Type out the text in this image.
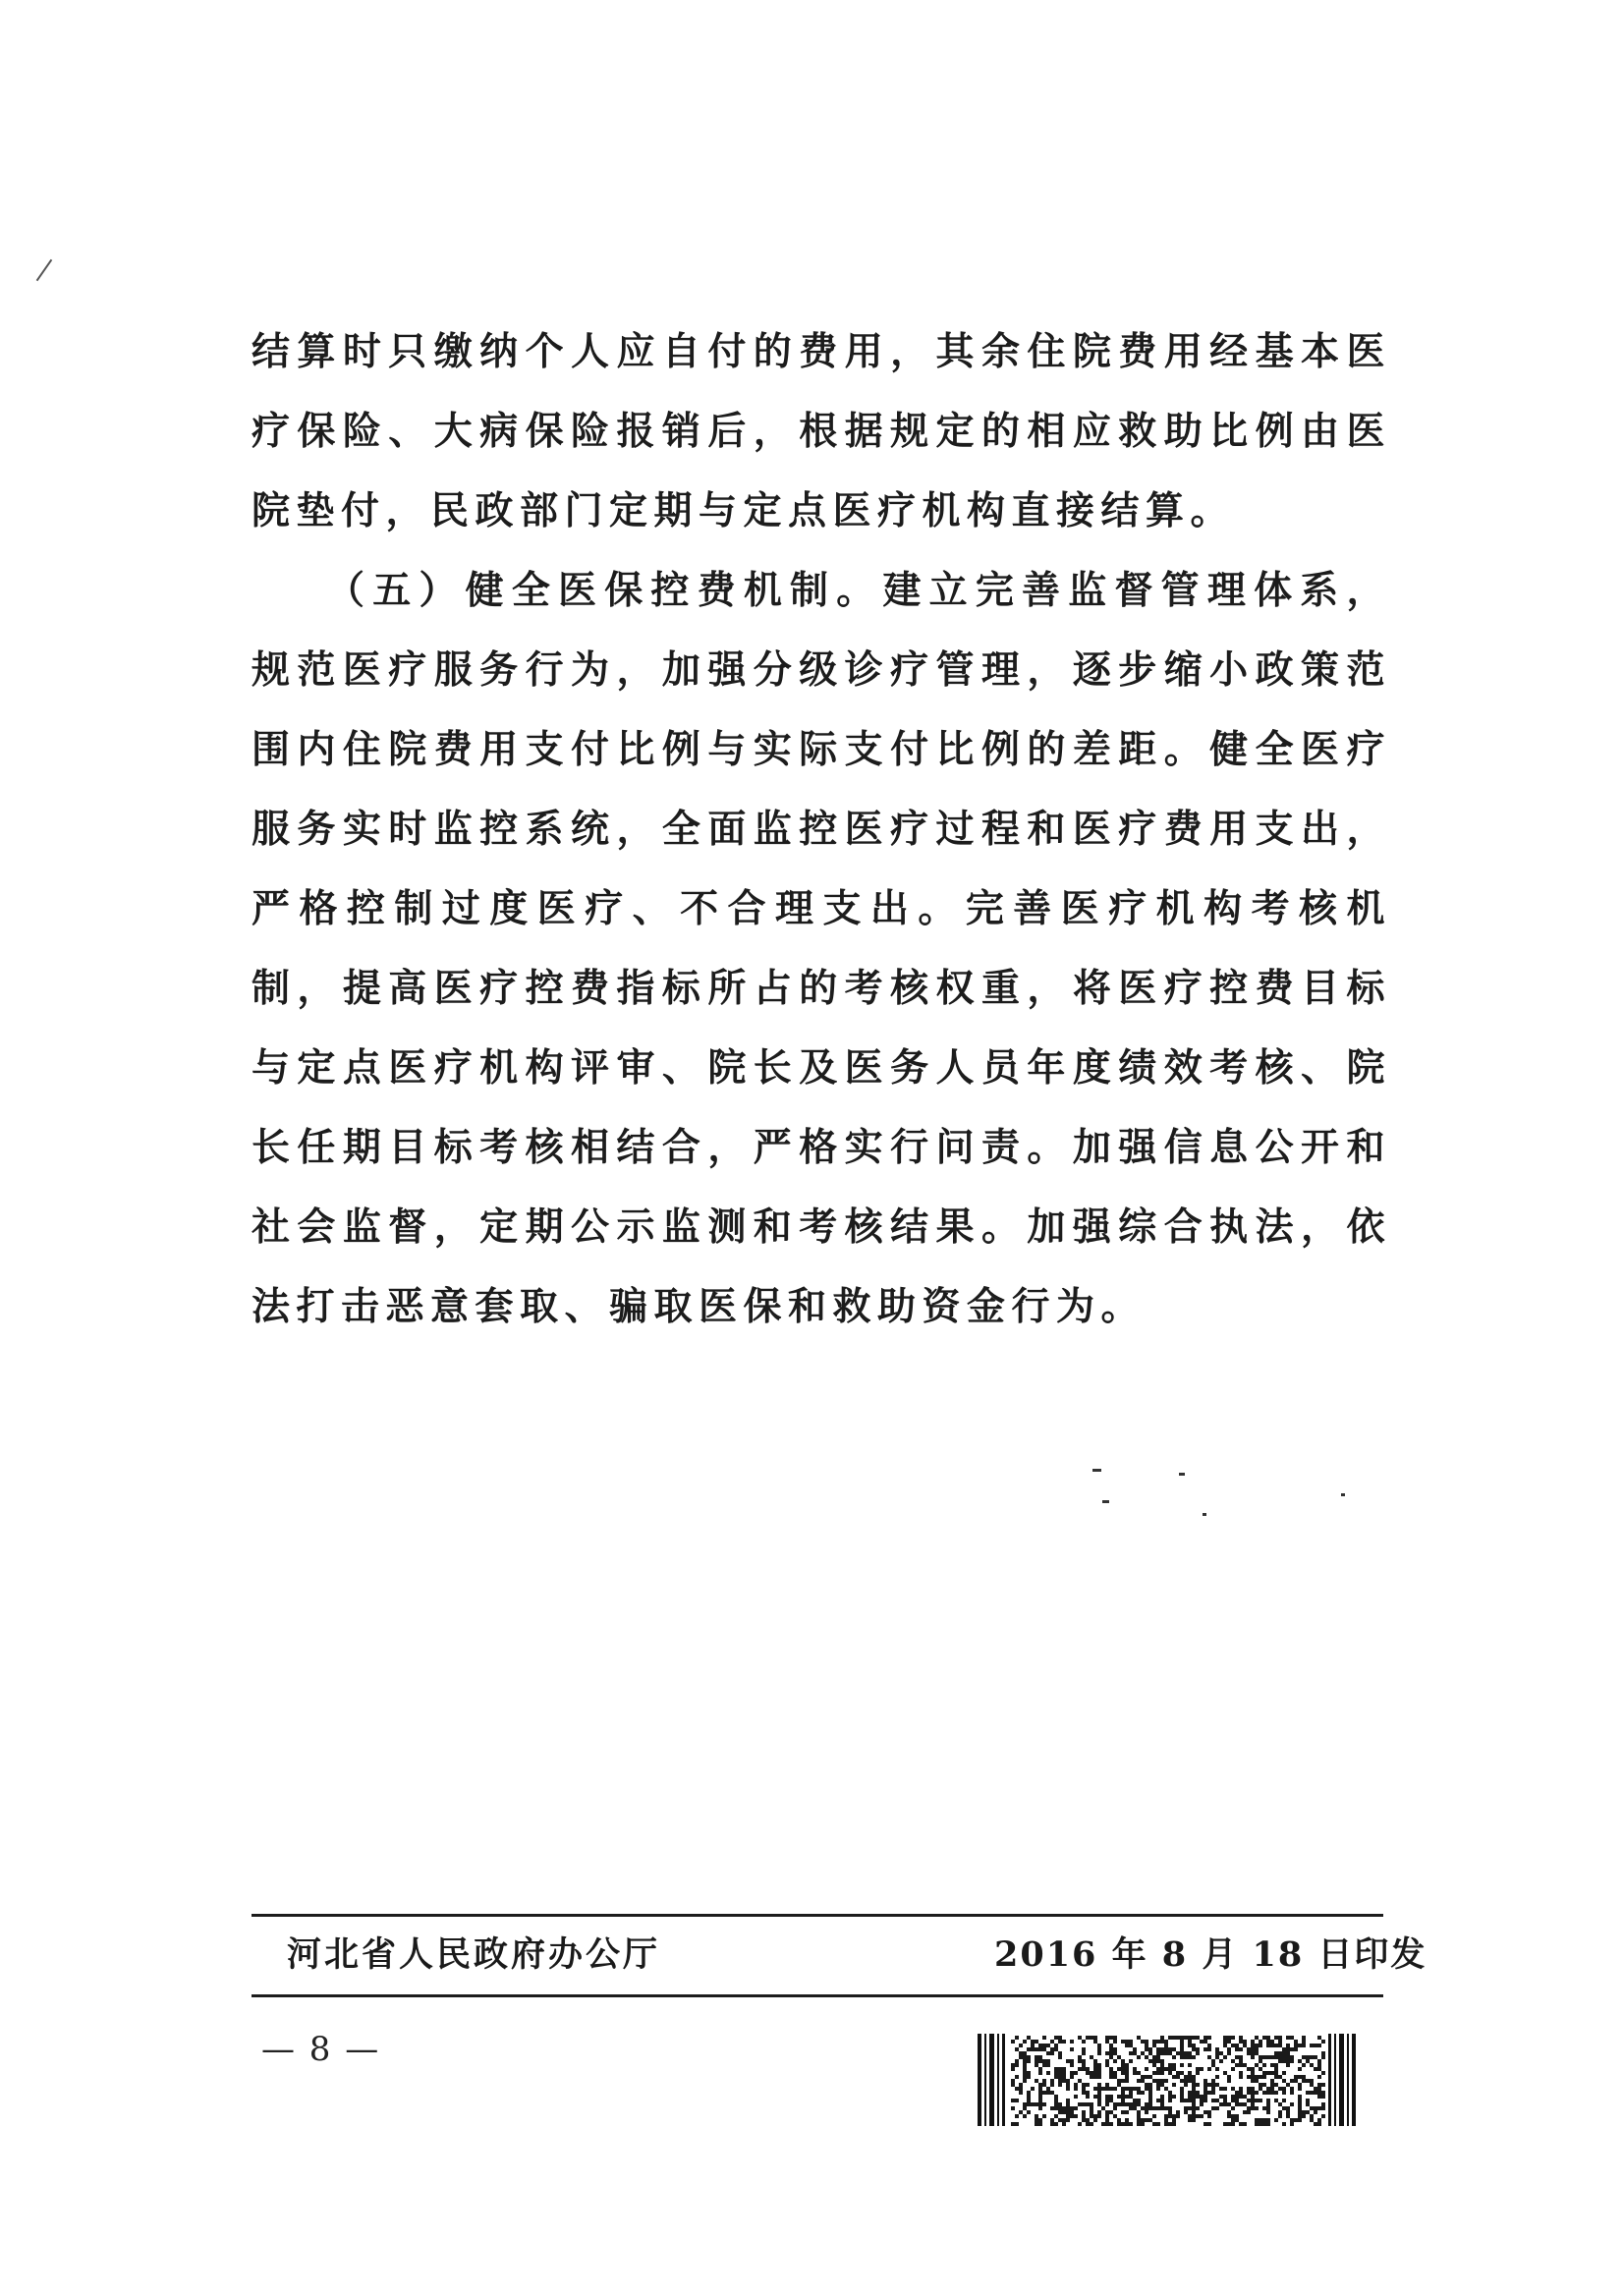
结算时只缴纳个人应自付的费用，其余住院费用经基本医疗保险、大病保险报销后，根据规定的相应救助比例由医院垫付，民政部门定期与定点医疗机构直接结算。

（五）健全医保控费机制。建立完善监督管理体系，规范医疗服务行为，加强分级诊疗管理，逐步缩小政策范围内住院费用支付比例与实际支付比例的差距。健全医疗服务实时监控系统，全面监控医疗过程和医疗费用支出，严格控制过度医疗、不合理支出。完善医疗机构考核机制，提高医疗控费指标所占的考核权重，将医疗控费目标与定点医疗机构评审、院长及医务人员年度绩效考核、院长任期目标考核相结合，严格实行问责。加强信息公开和社会监督，定期公示监测和考核结果。加强综合执法，依法打击恶意套取、骗取医保和救助资金行为。

河北省人民政府办公厅	2016 年 8 月 18 日印发
— 8 —
